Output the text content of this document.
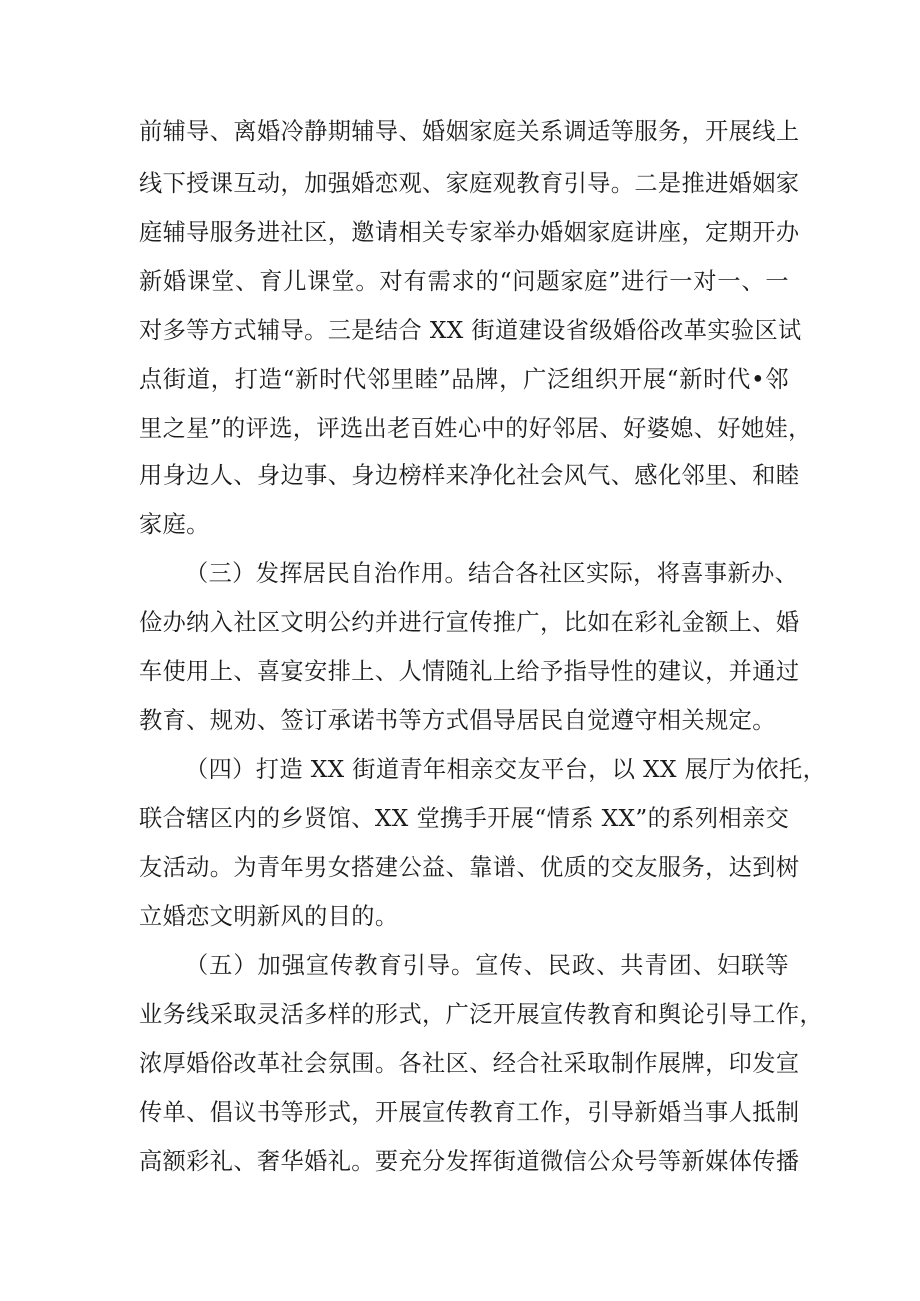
前辅导、离婚冷静期辅导、婚姻家庭关系调适等服务，开展线上
线下授课互动，加强婚恋观、家庭观教育引导。二是推进婚姻家
庭辅导服务进社区，邀请相关专家举办婚姻家庭讲座，定期开办
新婚课堂、育儿课堂。对有需求的“问题家庭”进行一对一、一
对多等方式辅导。三是结合 XX 街道建设省级婚俗改革实验区试
点街道，打造“新时代邻里睦”品牌，广泛组织开展“新时代•邻
里之星”的评选，评选出老百姓心中的好邻居、好婆媳、好她娃，
用身边人、身边事、身边榜样来净化社会风气、感化邻里、和睦
家庭。
（三）发挥居民自治作用。结合各社区实际，将喜事新办、
俭办纳入社区文明公约并进行宣传推广，比如在彩礼金额上、婚
车使用上、喜宴安排上、人情随礼上给予指导性的建议，并通过
教育、规劝、签订承诺书等方式倡导居民自觉遵守相关规定。
（四）打造 XX 街道青年相亲交友平台，以 XX 展厅为依托，
联合辖区内的乡贤馆、XX 堂携手开展“情系 XX”的系列相亲交
友活动。为青年男女搭建公益、靠谱、优质的交友服务，达到树
立婚恋文明新风的目的。
（五）加强宣传教育引导。宣传、民政、共青团、妇联等
业务线采取灵活多样的形式，广泛开展宣传教育和舆论引导工作，
浓厚婚俗改革社会氛围。各社区、经合社采取制作展牌，印发宣
传单、倡议书等形式，开展宣传教育工作，引导新婚当事人抵制
高额彩礼、奢华婚礼。要充分发挥街道微信公众号等新媒体传播
